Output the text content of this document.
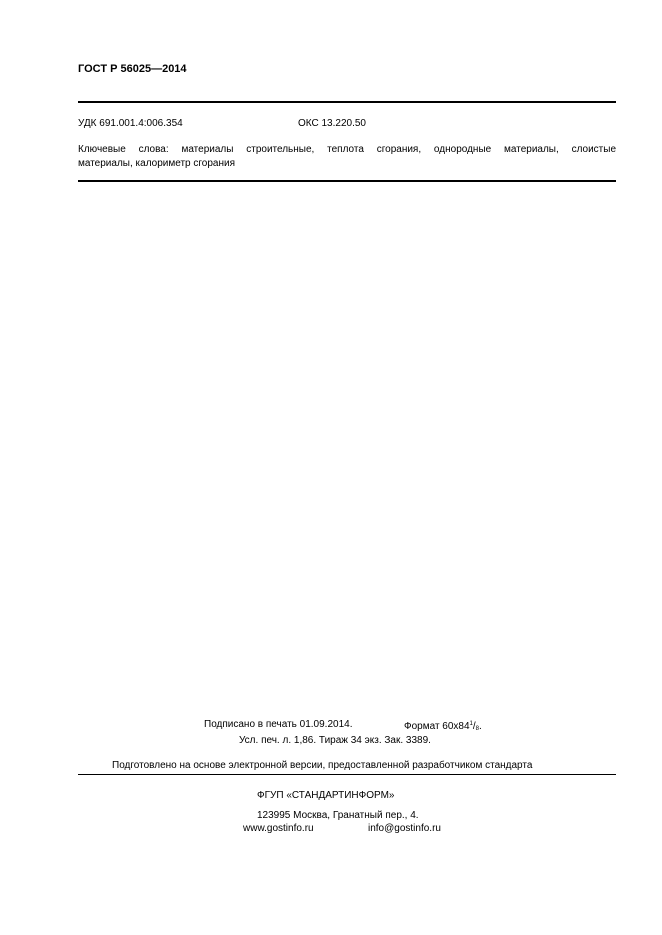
ГОСТ Р 56025—2014
УДК 691.001.4:006.354	ОКС 13.220.50
Ключевые слова: материалы строительные, теплота сгорания, однородные материалы, слоистые
материалы, калориметр сгорания
Подписано в печать 01.09.2014.	Формат $60х84^1/_8$.
Усл. печ. л. 1,86. Тираж 34 экз. Зак. 3389.
Подготовлено на основе электронной версии, предоставленной разработчиком стандарта
ФГУП «СТАНДАРТИНФОРМ»
123995 Москва, Гранатный пер., 4.
www.gostinfo.ru	info@gostinfo.ru
